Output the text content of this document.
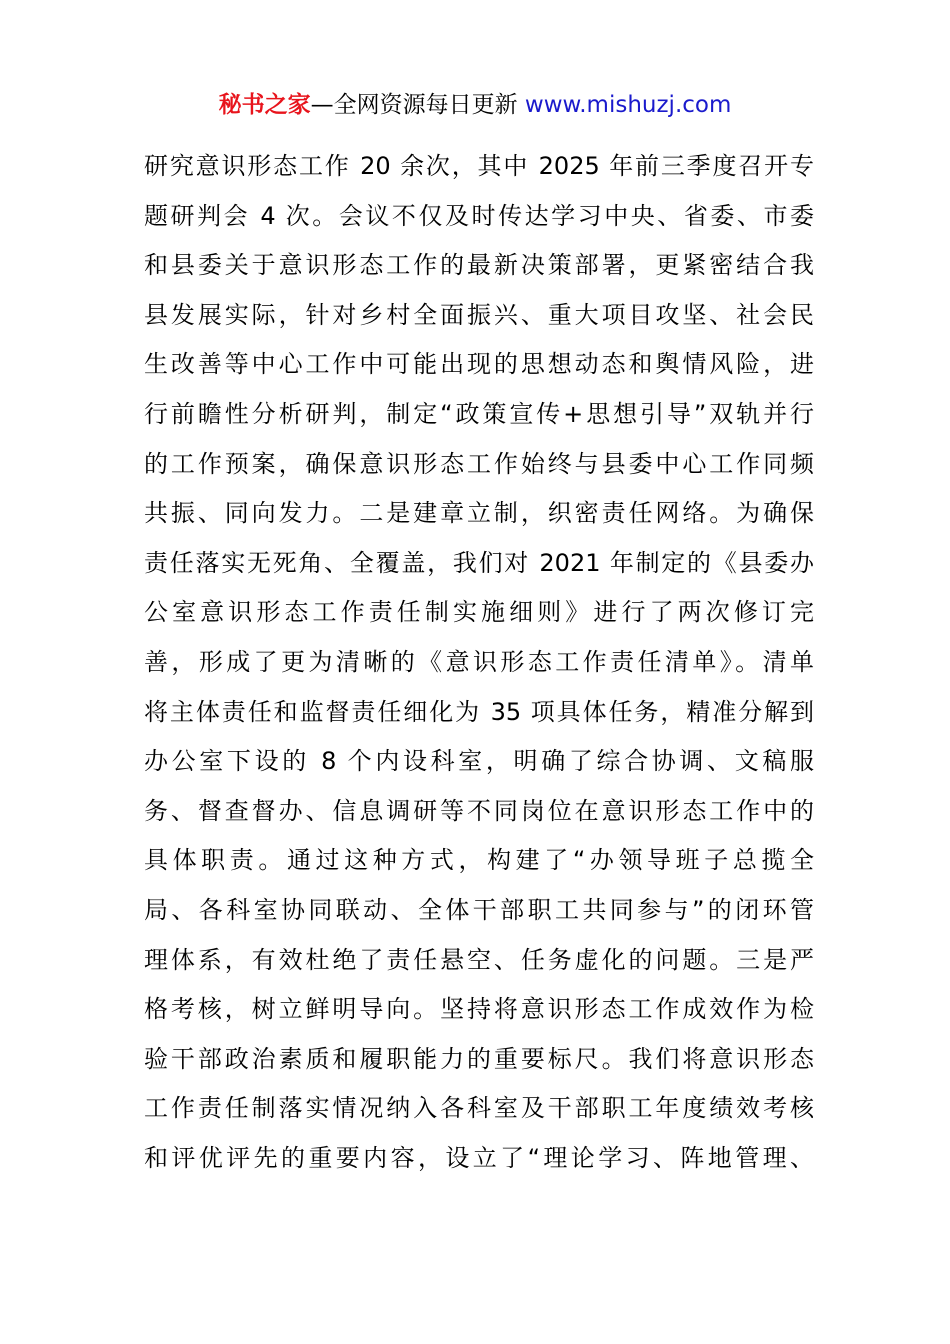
秘书之家—全网资源每日更新 www.mishuzj.com
研究意识形态工作 20 余次，其中 2025 年前三季度召开专
题研判会 4 次。会议不仅及时传达学习中央、省委、市委
和县委关于意识形态工作的最新决策部署，更紧密结合我
县发展实际，针对乡村全面振兴、重大项目攻坚、社会民
生改善等中心工作中可能出现的思想动态和舆情风险，进
行前瞻性分析研判，制定“政策宣传+思想引导”双轨并行
的工作预案，确保意识形态工作始终与县委中心工作同频
共振、同向发力。二是建章立制，织密责任网络。为确保
责任落实无死角、全覆盖，我们对 2021 年制定的《县委办
公室意识形态工作责任制实施细则》进行了两次修订完
善，形成了更为清晰的《意识形态工作责任清单》。清单
将主体责任和监督责任细化为 35 项具体任务，精准分解到
办公室下设的 8 个内设科室，明确了综合协调、文稿服
务、督查督办、信息调研等不同岗位在意识形态工作中的
具体职责。通过这种方式，构建了“办领导班子总揽全
局、各科室协同联动、全体干部职工共同参与”的闭环管
理体系，有效杜绝了责任悬空、任务虚化的问题。三是严
格考核，树立鲜明导向。坚持将意识形态工作成效作为检
验干部政治素质和履职能力的重要标尺。我们将意识形态
工作责任制落实情况纳入各科室及干部职工年度绩效考核
和评优评先的重要内容，设立了“理论学习、阵地管理、
